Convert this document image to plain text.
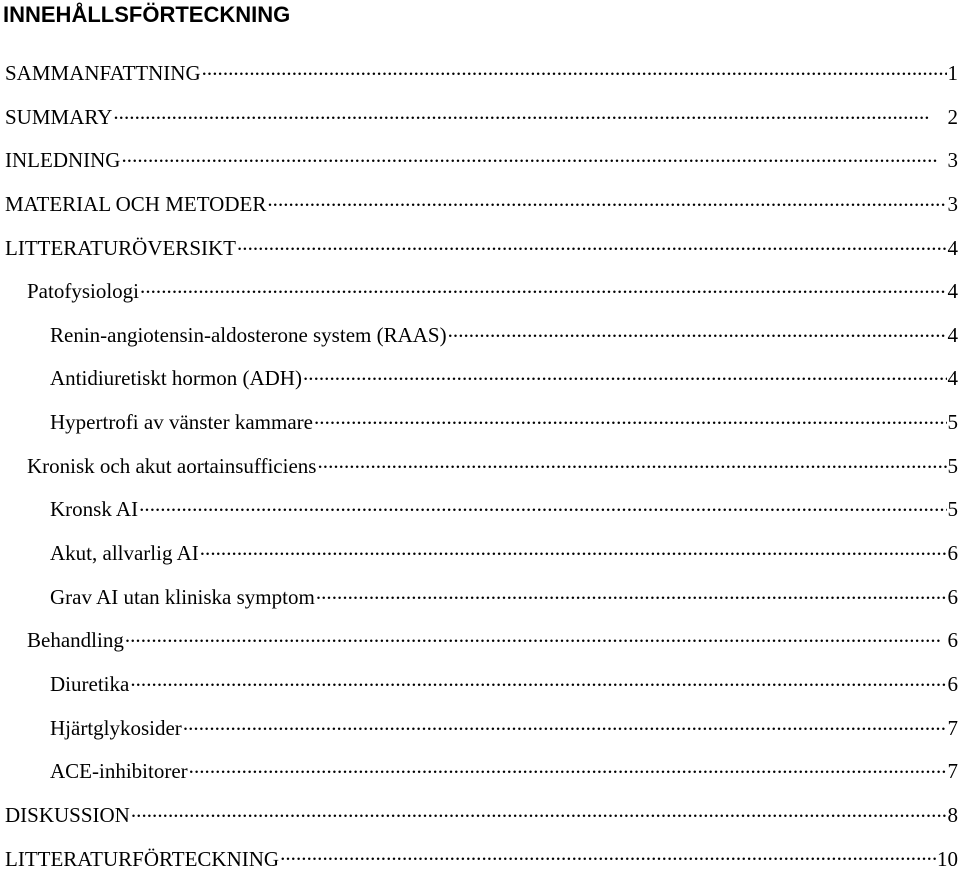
INNEHÅLLSFÖRTECKNING
SAMMANFATTNING . . .	1
SUMMARY . . .	2
INLEDNING . . .	3
MATERIAL OCH METODER . . .	3
LITTERATURÖVERSIKT . . .	4
Patofysiologi . . .	4
Renin-angiotensin-aldosterone system (RAAS) . . .	4
Antidiuretiskt hormon (ADH) . . .	4
Hypertrofi av vänster kammare . . .	5
Kronisk och akut aortainsufficiens . . .	5
Kronsk AI . . .	5
Akut, allvarlig AI . . .	6
Grav AI utan kliniska symptom . . .	6
Behandling . . .	6
Diuretika . . .	6
Hjärtglykosider . . .	7
ACE-inhibitorer . . .	7
DISKUSSION . . .	8
LITTERATURFÖRTECKNING . . .	10
